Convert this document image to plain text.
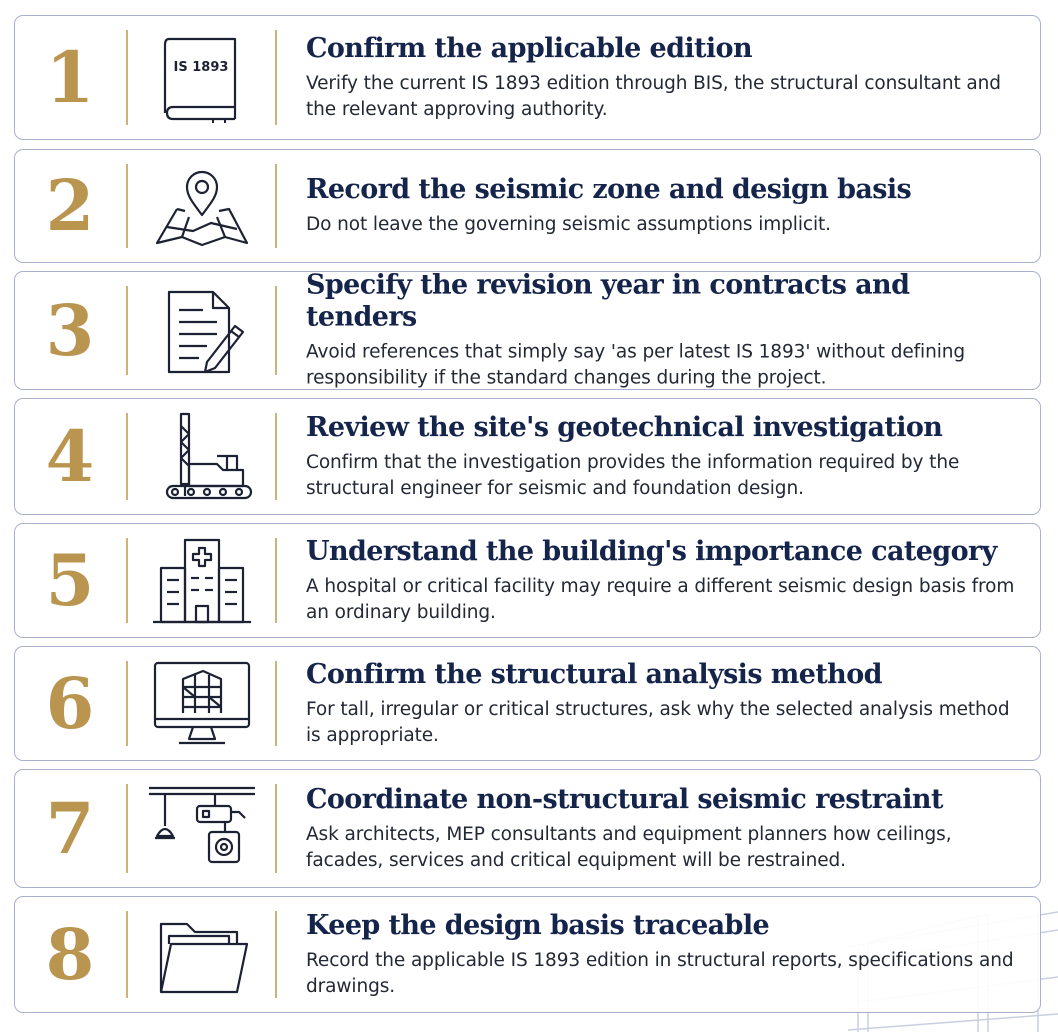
1	IS 1893

Confirm the applicable edition

Verify the current IS 1893 edition through BIS, the structural consultant and the relevant approving authority.

2	Record the seismic zone and design basis

Do not leave the governing seismic assumptions implicit.

3

Specify the revision year in contracts and tenders

Avoid references that simply say 'as per latest IS 1893' without defining responsibility if the standard changes during the project.

4	Review the site's geotechnical investigation

Confirm that the investigation provides the information required by the structural engineer for seismic and foundation design.

5	Understand the building's importance category

A hospital or critical facility may require a different seismic design basis from an ordinary building.

6	Confirm the structural analysis method

For tall, irregular or critical structures, ask why the selected analysis method is appropriate.

7	Coordinate non-structural seismic restraint

Ask architects, MEP consultants and equipment planners how ceilings, facades, services and critical equipment will be restrained.

8	Keep the design basis traceable

Record the applicable IS 1893 edition in structural reports, specifications and drawings.
